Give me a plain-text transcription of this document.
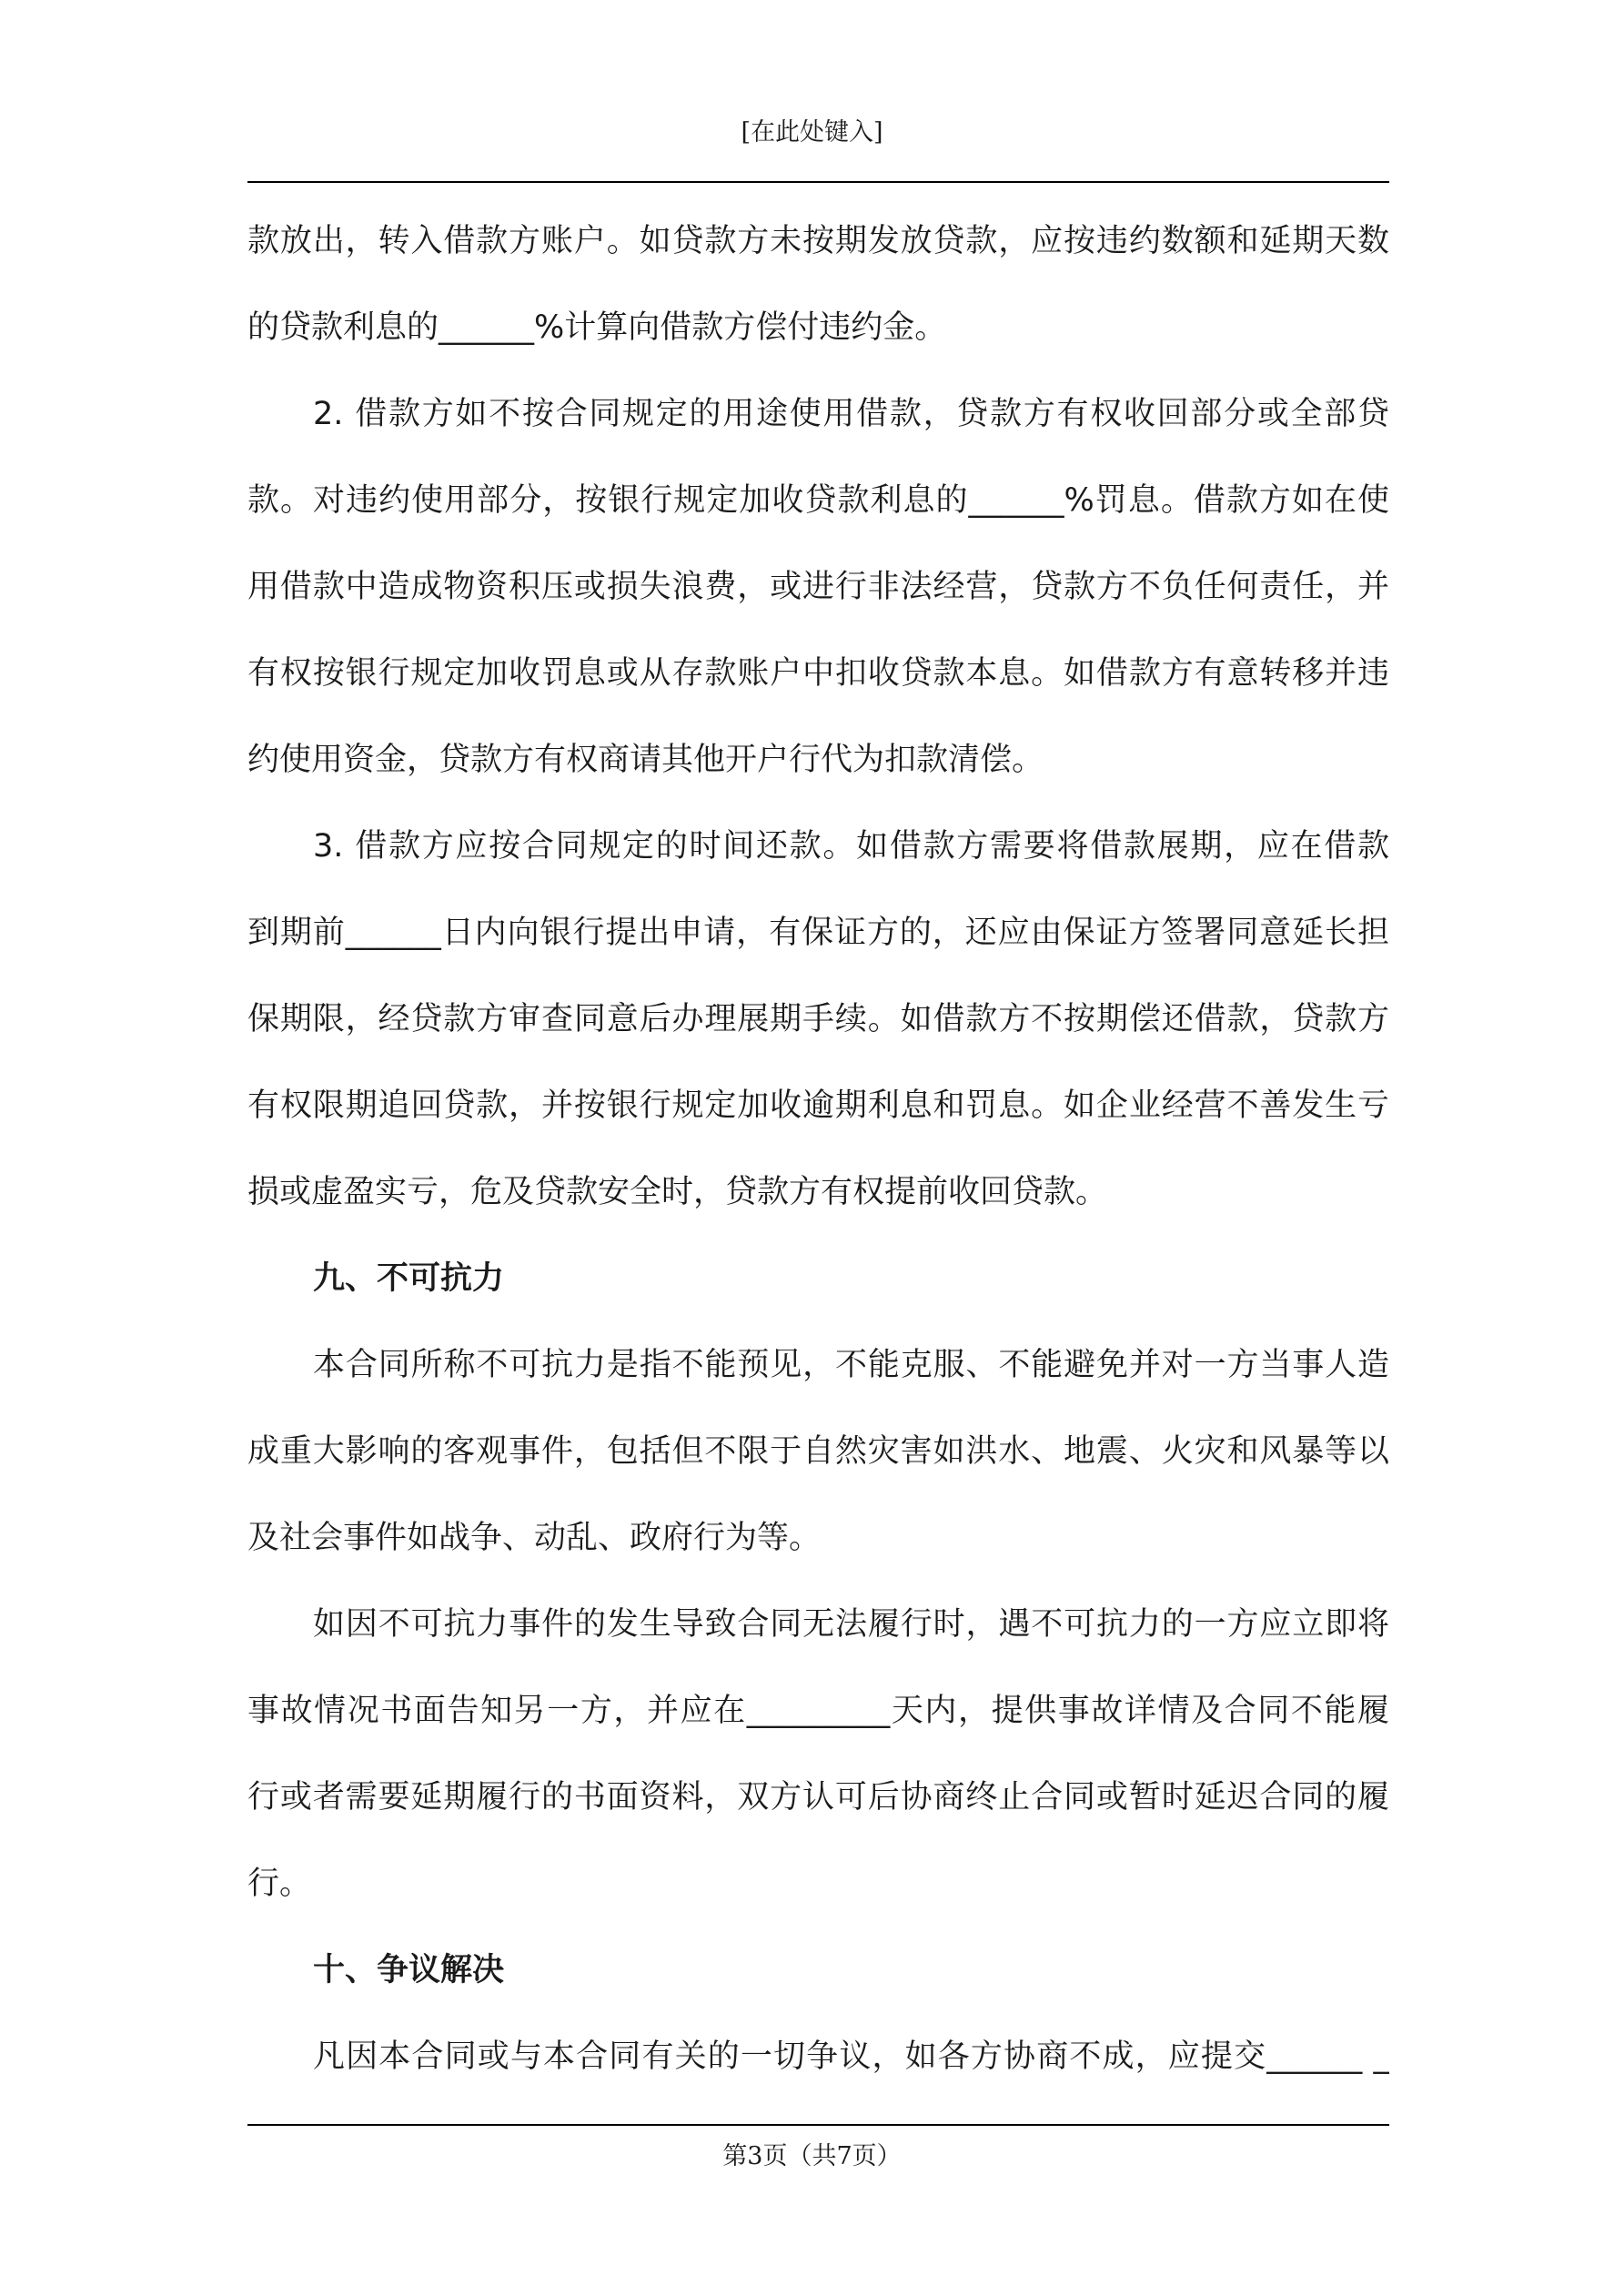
[在此处键入]
款放出，转入借款方账户。如贷款方未按期发放贷款，应按违约数额和延期天数
的贷款利息的______%计算向借款方偿付违约金。
2. 借款方如不按合同规定的用途使用借款，贷款方有权收回部分或全部贷
款。对违约使用部分，按银行规定加收贷款利息的______%罚息。借款方如在使
用借款中造成物资积压或损失浪费，或进行非法经营，贷款方不负任何责任，并
有权按银行规定加收罚息或从存款账户中扣收贷款本息。如借款方有意转移并违
约使用资金，贷款方有权商请其他开户行代为扣款清偿。
3. 借款方应按合同规定的时间还款。如借款方需要将借款展期，应在借款
到期前______日内向银行提出申请，有保证方的，还应由保证方签署同意延长担
保期限，经贷款方审查同意后办理展期手续。如借款方不按期偿还借款，贷款方
有权限期追回贷款，并按银行规定加收逾期利息和罚息。如企业经营不善发生亏
损或虚盈实亏，危及贷款安全时，贷款方有权提前收回贷款。
九、不可抗力
本合同所称不可抗力是指不能预见，不能克服、不能避免并对一方当事人造
成重大影响的客观事件，包括但不限于自然灾害如洪水、地震、火灾和风暴等以
及社会事件如战争、动乱、政府行为等。
如因不可抗力事件的发生导致合同无法履行时，遇不可抗力的一方应立即将
事故情况书面告知另一方，并应在_________天内，提供事故详情及合同不能履
行或者需要延期履行的书面资料，双方认可后协商终止合同或暂时延迟合同的履
行。
十、争议解决
凡因本合同或与本合同有关的一切争议，如各方协商不成，应提交______ _
第3页（共7页）
